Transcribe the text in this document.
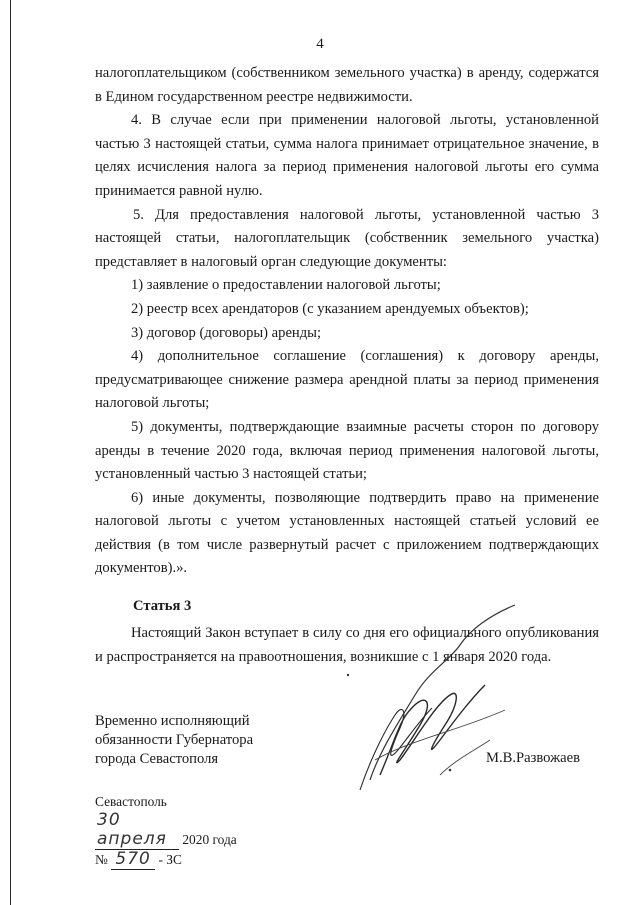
4

налогоплательщиком (собственником земельного участка) в аренду, содержатся в Едином государственном реестре недвижимости.

4. В случае если при применении налоговой льготы, установленной частью 3 настоящей статьи, сумма налога принимает отрицательное значение, в целях исчисления налога за период применения налоговой льготы его сумма принимается равной нулю.

5. Для предоставления налоговой льготы, установленной частью 3 настоящей статьи, налогоплательщик (собственник земельного участка) представляет в налоговый орган следующие документы:

1) заявление о предоставлении налоговой льготы;

2) реестр всех арендаторов (с указанием арендуемых объектов);

3) договор (договоры) аренды;

4) дополнительное соглашение (соглашения) к договору аренды, предусматривающее снижение размера арендной платы за период применения налоговой льготы;

5) документы, подтверждающие взаимные расчеты сторон по договору аренды в течение 2020 года, включая период применения налоговой льготы, установленный частью 3 настоящей статьи;

6) иные документы, позволяющие подтвердить право на применение налоговой льготы с учетом установленных настоящей статьей условий ее действия (в том числе развернутый расчет с приложением подтверждающих документов).».

Статья 3

Настоящий Закон вступает в силу со дня его официального опубликования и распространяется на правоотношения, возникшие с 1 января 2020 года.

Временно исполняющий
обязанности Губернатора
города Севастополя	М.В.Развожаев
Севастополь
30 апреля 2020 года
№ 570 - ЗС
